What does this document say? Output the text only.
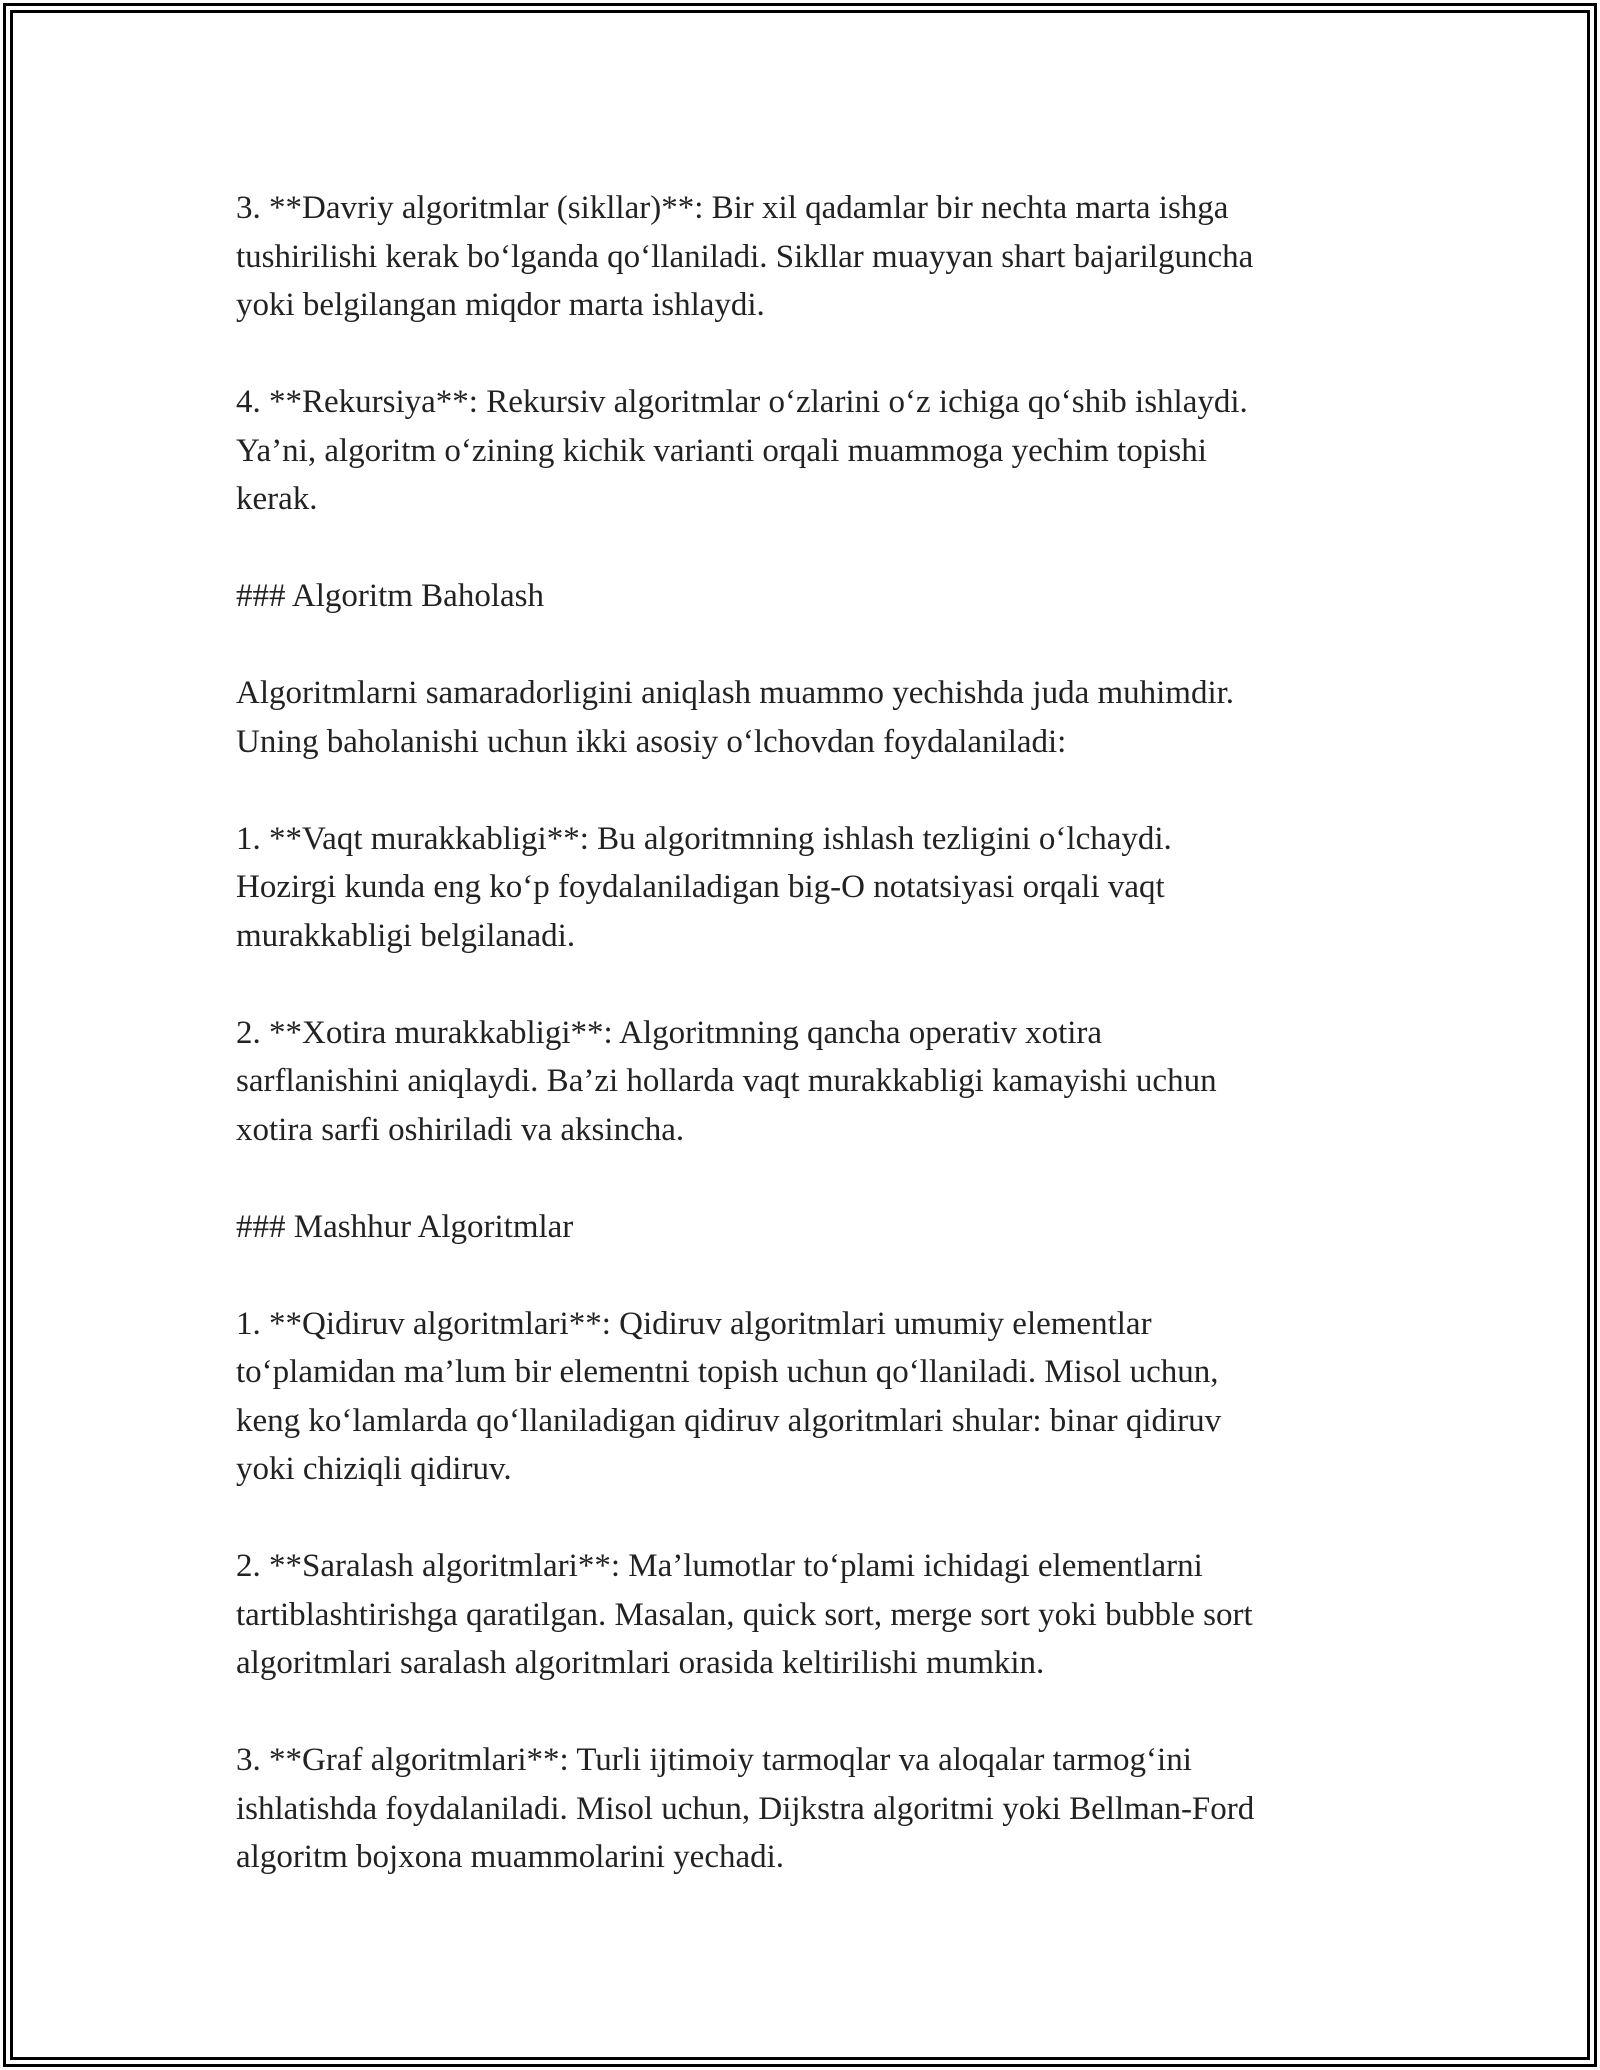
3. **Davriy algoritmlar (sikllar)**: Bir xil qadamlar bir nechta marta ishga
tushirilishi kerak bo‘lganda qo‘llaniladi. Sikllar muayyan shart bajarilguncha
yoki belgilangan miqdor marta ishlaydi.
4. **Rekursiya**: Rekursiv algoritmlar o‘zlarini o‘z ichiga qo‘shib ishlaydi.
Ya’ni, algoritm o‘zining kichik varianti orqali muammoga yechim topishi
kerak.
### Algoritm Baholash
Algoritmlarni samaradorligini aniqlash muammo yechishda juda muhimdir.
Uning baholanishi uchun ikki asosiy o‘lchovdan foydalaniladi:
1. **Vaqt murakkabligi**: Bu algoritmning ishlash tezligini o‘lchaydi.
Hozirgi kunda eng ko‘p foydalaniladigan big-O notatsiyasi orqali vaqt
murakkabligi belgilanadi.
2. **Xotira murakkabligi**: Algoritmning qancha operativ xotira
sarflanishini aniqlaydi. Ba’zi hollarda vaqt murakkabligi kamayishi uchun
xotira sarfi oshiriladi va aksincha.
### Mashhur Algoritmlar
1. **Qidiruv algoritmlari**: Qidiruv algoritmlari umumiy elementlar
to‘plamidan ma’lum bir elementni topish uchun qo‘llaniladi. Misol uchun,
keng ko‘lamlarda qo‘llaniladigan qidiruv algoritmlari shular: binar qidiruv
yoki chiziqli qidiruv.
2. **Saralash algoritmlari**: Ma’lumotlar to‘plami ichidagi elementlarni
tartiblashtirishga qaratilgan. Masalan, quick sort, merge sort yoki bubble sort
algoritmlari saralash algoritmlari orasida keltirilishi mumkin.
3. **Graf algoritmlari**: Turli ijtimoiy tarmoqlar va aloqalar tarmog‘ini
ishlatishda foydalaniladi. Misol uchun, Dijkstra algoritmi yoki Bellman-Ford
algoritm bojxona muammolarini yechadi.
